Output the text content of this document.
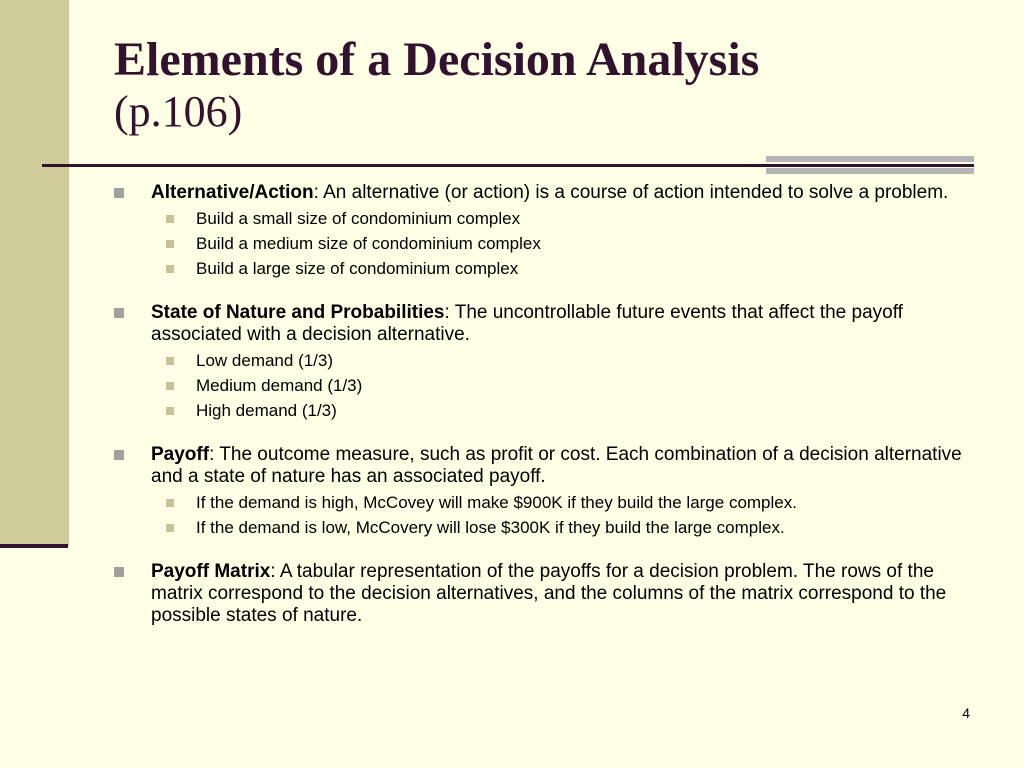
Elements of a Decision Analysis
(p.106)
Alternative/Action: An alternative (or action) is a course of action intended to solve a problem.
Build a small size of condominium complex
Build a medium size of condominium complex
Build a large size of condominium complex
State of Nature and Probabilities: The uncontrollable future events that affect the payoff associated with a decision alternative.
Low demand (1/3)
Medium demand (1/3)
High demand (1/3)
Payoff: The outcome measure, such as profit or cost. Each combination of a decision alternative and a state of nature has an associated payoff.
If the demand is high, McCovey will make $900K if they build the large complex.
If the demand is low, McCovery will lose $300K if they build the large complex.
Payoff Matrix: A tabular representation of the payoffs for a decision problem. The rows of the matrix correspond to the decision alternatives, and the columns of the matrix correspond to the possible states of nature.
4
